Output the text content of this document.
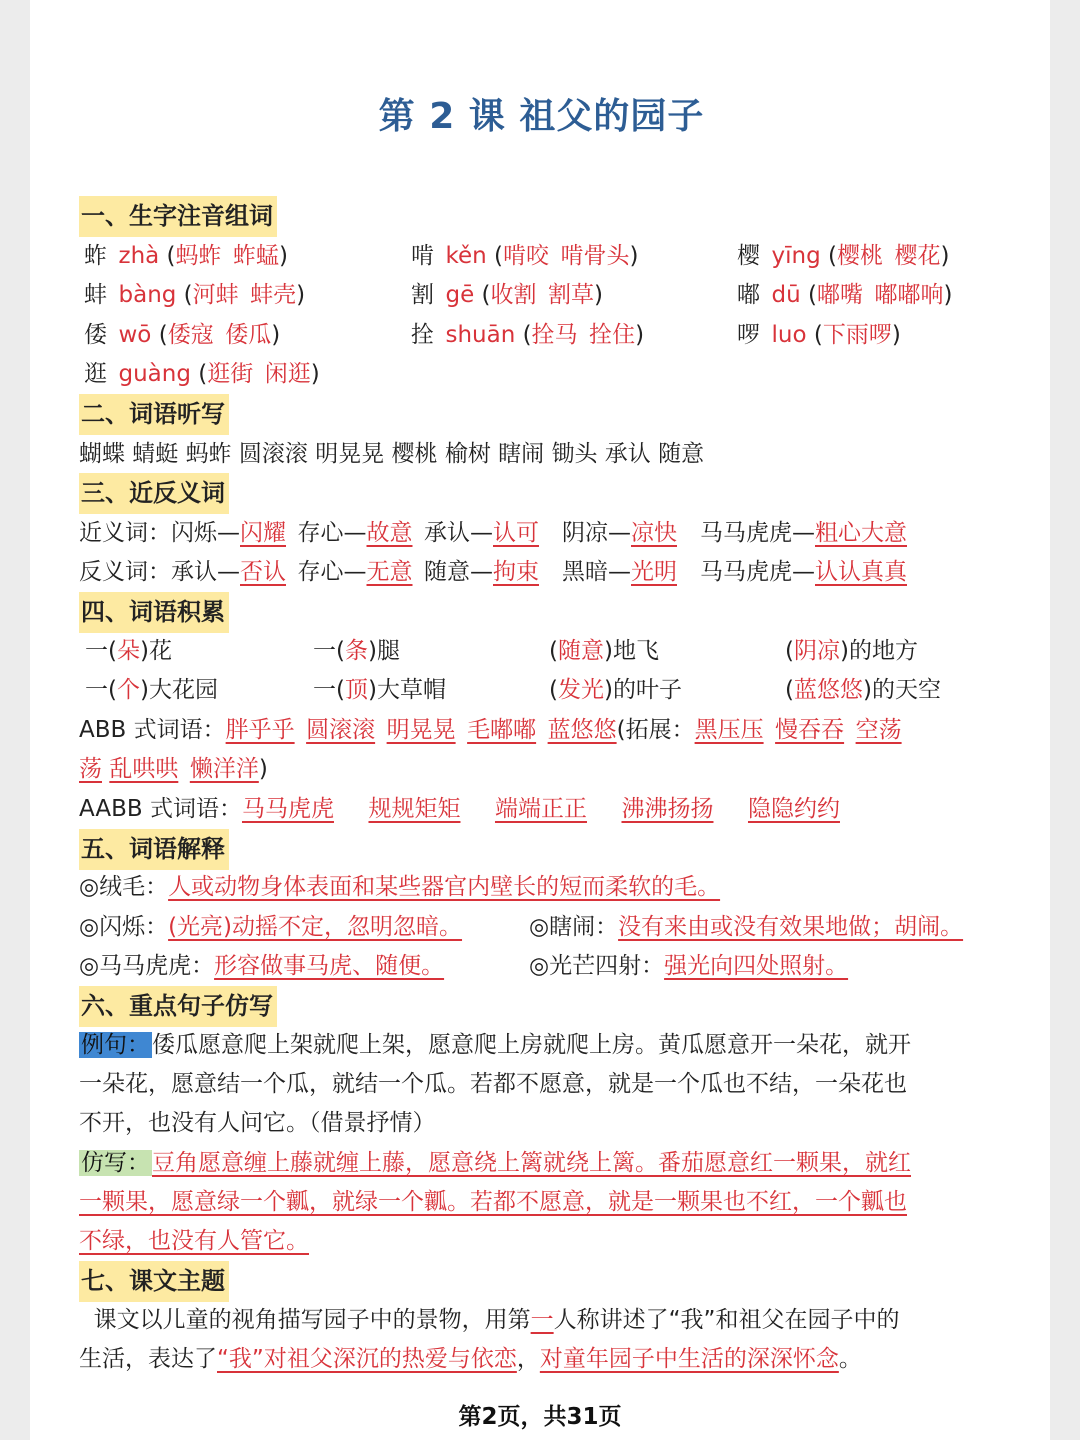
第 2 课 祖父的园子
一、生字注音组词
蚱  zhà (蚂蚱  蚱蜢)	啃  kěn (啃咬  啃骨头)	樱  yīng (樱桃  樱花)
蚌  bàng (河蚌  蚌壳)	割  gē (收割  割草)	嘟  dū (嘟嘴  嘟嘟响)
倭  wō (倭寇  倭瓜)	拴  shuān (拴马  拴住)	啰  luo (下雨啰)
逛  guàng (逛街  闲逛)
二、词语听写
蝴蝶 蜻蜓 蚂蚱 圆滚滚 明晃晃 樱桃 榆树 瞎闹 锄头 承认 随意
三、近反义词
近义词：闪烁—闪耀  存心—故意  承认—认可  阴凉—凉快  马马虎虎—粗心大意
反义词：承认—否认  存心—无意  随意—拘束  黑暗—光明  马马虎虎—认认真真
四、词语积累
一(朵)花	一(条)腿	(随意)地飞	(阴凉)的地方
一(个)大花园	一(顶)大草帽	(发光)的叶子	(蓝悠悠)的天空
ABB 式词语：胖乎乎  圆滚滚  明晃晃  毛嘟嘟  蓝悠悠(拓展：黑压压  慢吞吞  空荡
荡 乱哄哄  懒洋洋)
AABB 式词语：马马虎虎   规规矩矩   端端正正   沸沸扬扬   隐隐约约
五、词语解释
◎绒毛：人或动物身体表面和某些器官内壁长的短而柔软的毛。
◎闪烁：(光亮)动摇不定，忽明忽暗。	◎瞎闹：没有来由或没有效果地做；胡闹。
◎马马虎虎：形容做事马虎、随便。	◎光芒四射：强光向四处照射。
六、重点句子仿写
例句：倭瓜愿意爬上架就爬上架，愿意爬上房就爬上房。黄瓜愿意开一朵花，就开
一朵花，愿意结一个瓜，就结一个瓜。若都不愿意，就是一个瓜也不结，一朵花也
不开，也没有人问它。（借景抒情）
仿写：豆角愿意缠上藤就缠上藤，愿意绕上篱就绕上篱。番茄愿意红一颗果，就红
一颗果，愿意绿一个瓤，就绿一个瓤。若都不愿意，就是一颗果也不红，一个瓤也
不绿，也没有人管它。
七、课文主题
课文以儿童的视角描写园子中的景物，用第一人称讲述了“我”和祖父在园子中的
生活，表达了“我”对祖父深沉的热爱与依恋，对童年园子中生活的深深怀念。
第2页，共31页
